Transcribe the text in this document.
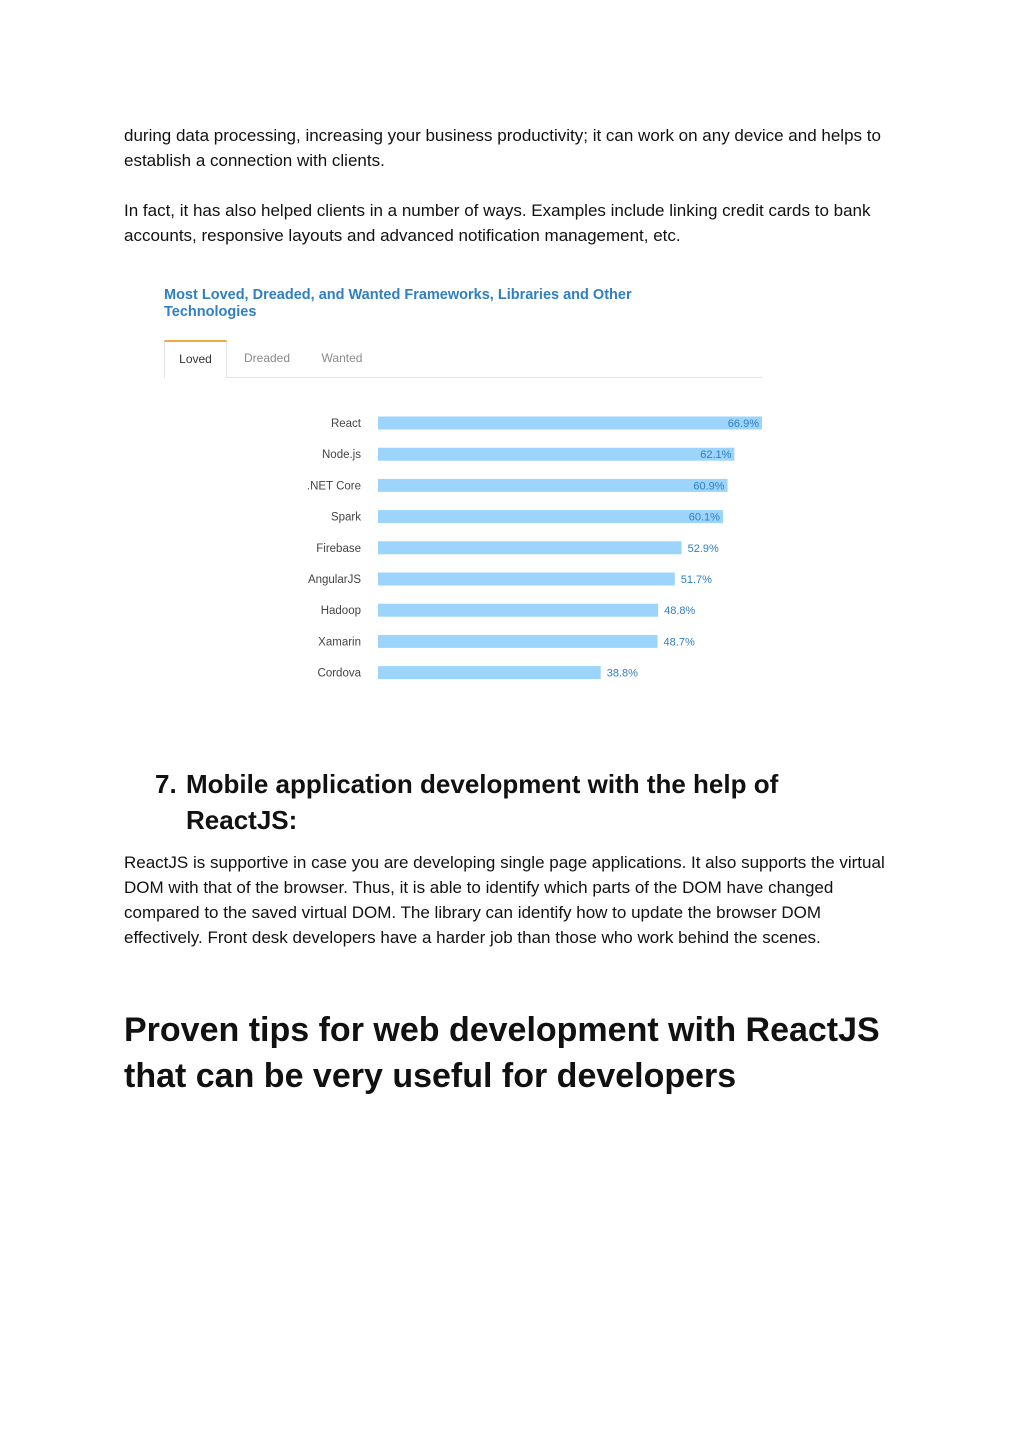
during data processing, increasing your business productivity; it can work on any device and helps to establish a connection with clients.

In fact, it has also helped clients in a number of ways. Examples include linking credit cards to bank accounts, responsive layouts and advanced notification management, etc.

Most Loved, Dreaded, and Wanted Frameworks, Libraries and Other Technologies

Loved	Dreaded	Wanted
React	66.9%
Node.js	62.1%
.NET Core	60.9%
Spark	60.1%
Firebase	52.9%
AngularJS	51.7%
Hadoop	48.8%
Xamarin	48.7%
Cordova	38.8%
7. Mobile application development with the help of ReactJS:

ReactJS is supportive in case you are developing single page applications. It also supports the virtual DOM with that of the browser. Thus, it is able to identify which parts of the DOM have changed compared to the saved virtual DOM. The library can identify how to update the browser DOM effectively. Front desk developers have a harder job than those who work behind the scenes.

Proven tips for web development with ReactJS that can be very useful for developers
